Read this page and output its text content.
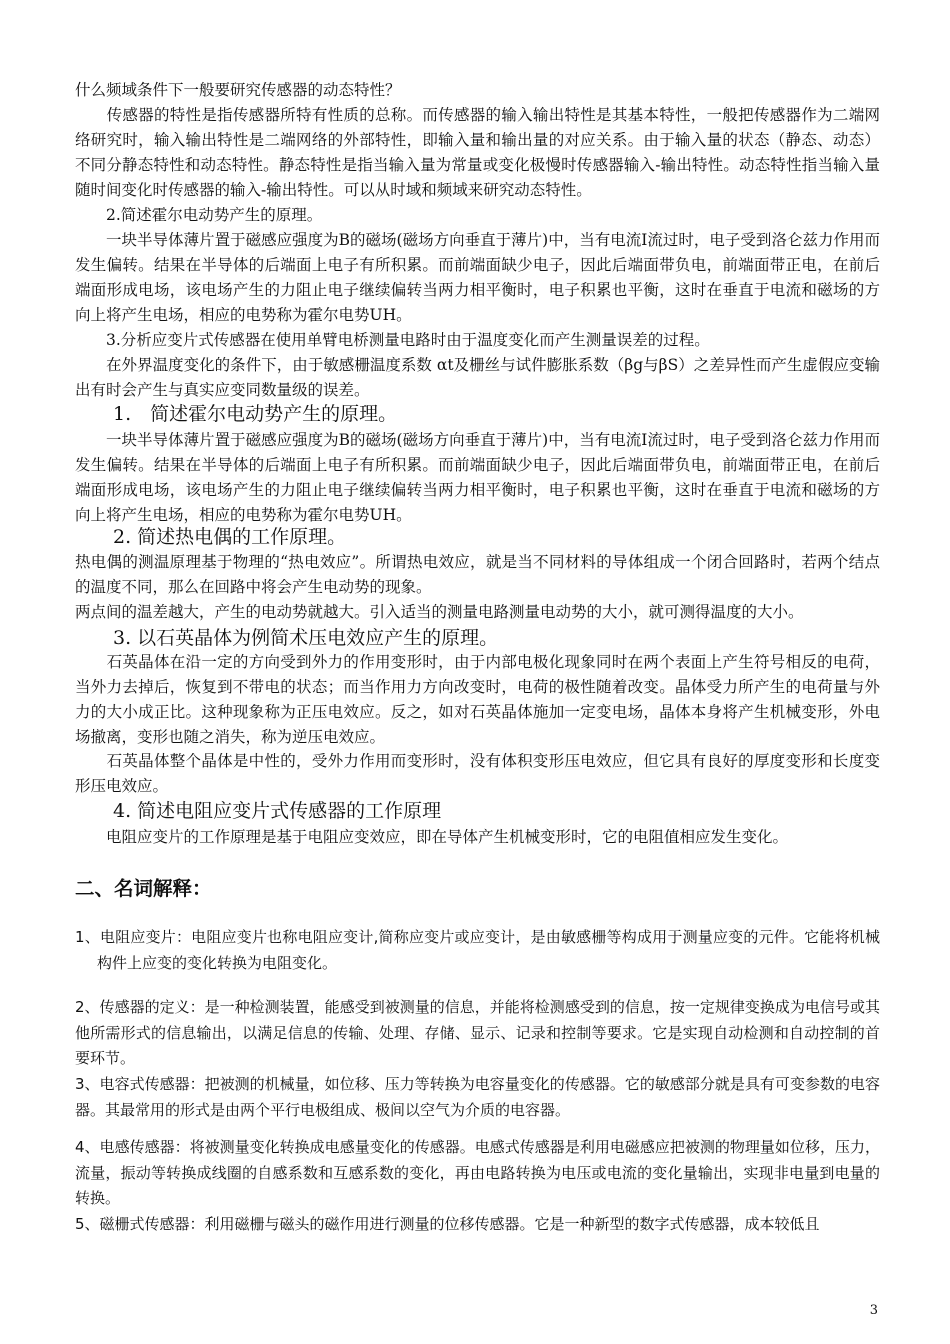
什么频域条件下一般要研究传感器的动态特性？

　　传感器的特性是指传感器所特有性质的总称。而传感器的输入输出特性是其基本特性，一般把传感器作为二端网络研究时，输入输出特性是二端网络的外部特性，即输入量和输出量的对应关系。由于输入量的状态（静态、动态）不同分静态特性和动态特性。静态特性是指当输入量为常量或变化极慢时传感器输入-输出特性。动态特性指当输入量随时间变化时传感器的输入-输出特性。可以从时域和频域来研究动态特性。

　　2.简述霍尔电动势产生的原理。

　　一块半导体薄片置于磁感应强度为B的磁场(磁场方向垂直于薄片)中，当有电流I流过时，电子受到洛仑兹力作用而发生偏转。结果在半导体的后端面上电子有所积累。而前端面缺少电子，因此后端面带负电，前端面带正电，在前后端面形成电场，该电场产生的力阻止电子继续偏转当两力相平衡时，电子积累也平衡，这时在垂直于电流和磁场的方向上将产生电场，相应的电势称为霍尔电势UH。

　　3.分析应变片式传感器在使用单臂电桥测量电路时由于温度变化而产生测量误差的过程。

　　在外界温度变化的条件下，由于敏感栅温度系数 αt及栅丝与试件膨胀系数（βg与βS）之差异性而产生虚假应变输出有时会产生与真实应变同数量级的误差。

　　1.　简述霍尔电动势产生的原理。

　　一块半导体薄片置于磁感应强度为B的磁场(磁场方向垂直于薄片)中，当有电流I流过时，电子受到洛仑兹力作用而发生偏转。结果在半导体的后端面上电子有所积累。而前端面缺少电子，因此后端面带负电，前端面带正电，在前后端面形成电场，该电场产生的力阻止电子继续偏转当两力相平衡时，电子积累也平衡，这时在垂直于电流和磁场的方向上将产生电场，相应的电势称为霍尔电势UH。

　　2. 简述热电偶的工作原理。

热电偶的测温原理基于物理的“热电效应”。所谓热电效应，就是当不同材料的导体组成一个闭合回路时，若两个结点的温度不同，那么在回路中将会产生电动势的现象。

两点间的温差越大，产生的电动势就越大。引入适当的测量电路测量电动势的大小，就可测得温度的大小。

　　3. 以石英晶体为例简术压电效应产生的原理。

　　石英晶体在沿一定的方向受到外力的作用变形时，由于内部电极化现象同时在两个表面上产生符号相反的电荷，当外力去掉后，恢复到不带电的状态；而当作用力方向改变时，电荷的极性随着改变。晶体受力所产生的电荷量与外力的大小成正比。这种现象称为正压电效应。反之，如对石英晶体施加一定变电场，晶体本身将产生机械变形，外电场撤离，变形也随之消失，称为逆压电效应。

　　石英晶体整个晶体是中性的，受外力作用而变形时，没有体积变形压电效应，但它具有良好的厚度变形和长度变形压电效应。

　　4. 简述电阻应变片式传感器的工作原理

　　电阻应变片的工作原理是基于电阻应变效应，即在导体产生机械变形时，它的电阻值相应发生变化。

二、名词解释：

1、电阻应变片：电阻应变片也称电阻应变计,简称应变片或应变计，是由敏感栅等构成用于测量应变的元件。它能将机械构件上应变的变化转换为电阻变化。

2、传感器的定义：是一种检测装置，能感受到被测量的信息，并能将检测感受到的信息，按一定规律变换成为电信号或其他所需形式的信息输出，以满足信息的传输、处理、存储、显示、记录和控制等要求。它是实现自动检测和自动控制的首要环节。

3、电容式传感器：把被测的机械量，如位移、压力等转换为电容量变化的传感器。它的敏感部分就是具有可变参数的电容器。其最常用的形式是由两个平行电极组成、极间以空气为介质的电容器。

4、电感传感器：将被测量变化转换成电感量变化的传感器。电感式传感器是利用电磁感应把被测的物理量如位移，压力，流量，振动等转换成线圈的自感系数和互感系数的变化，再由电路转换为电压或电流的变化量输出，实现非电量到电量的转换。

5、磁栅式传感器：利用磁栅与磁头的磁作用进行测量的位移传感器。它是一种新型的数字式传感器，成本较低且

3
